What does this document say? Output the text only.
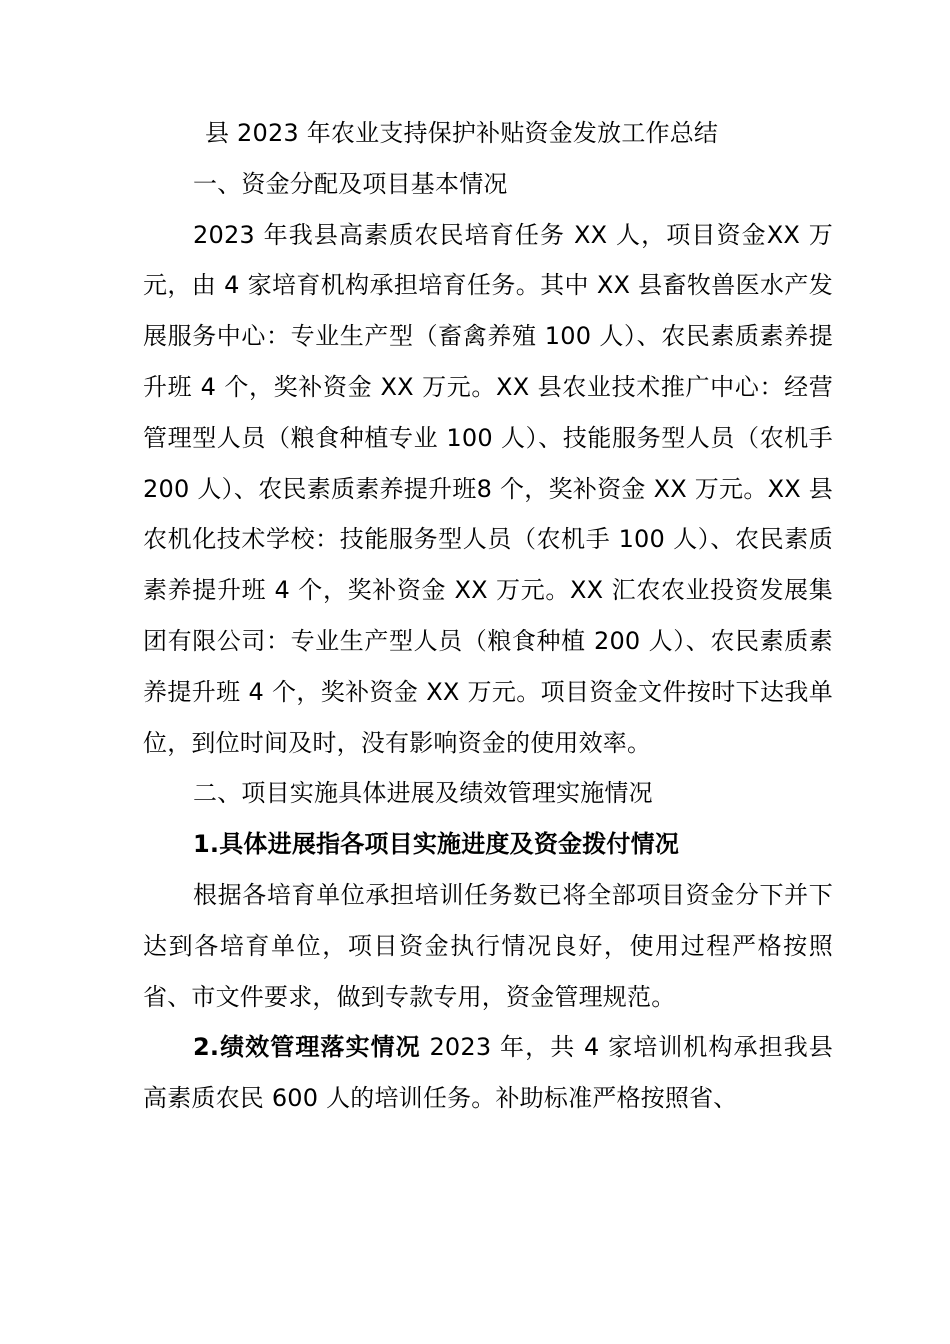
县 2023 年农业支持保护补贴资金发放工作总结

一、资金分配及项目基本情况

2023 年我县高素质农民培育任务 XX 人，项目资金XX 万元，由 4 家培育机构承担培育任务。其中 XX 县畜牧兽医水产发展服务中心：专业生产型（畜禽养殖 100 人）、农民素质素养提升班 4 个，奖补资金 XX 万元。XX 县农业技术推广中心：经营管理型人员（粮食种植专业 100 人）、技能服务型人员（农机手 200 人）、农民素质素养提升班8 个，奖补资金 XX 万元。XX 县农机化技术学校：技能服务型人员（农机手 100 人）、农民素质素养提升班 4 个，奖补资金 XX 万元。XX 汇农农业投资发展集团有限公司：专业生产型人员（粮食种植 200 人）、农民素质素养提升班 4 个，奖补资金 XX 万元。项目资金文件按时下达我单位，到位时间及时，没有影响资金的使用效率。

二、项目实施具体进展及绩效管理实施情况

1.具体进展指各项目实施进度及资金拨付情况

根据各培育单位承担培训任务数已将全部项目资金分下并下达到各培育单位，项目资金执行情况良好，使用过程严格按照省、市文件要求，做到专款专用，资金管理规范。

2.绩效管理落实情况 2023 年，共 4 家培训机构承担我县高素质农民 600 人的培训任务。补助标准严格按照省、
